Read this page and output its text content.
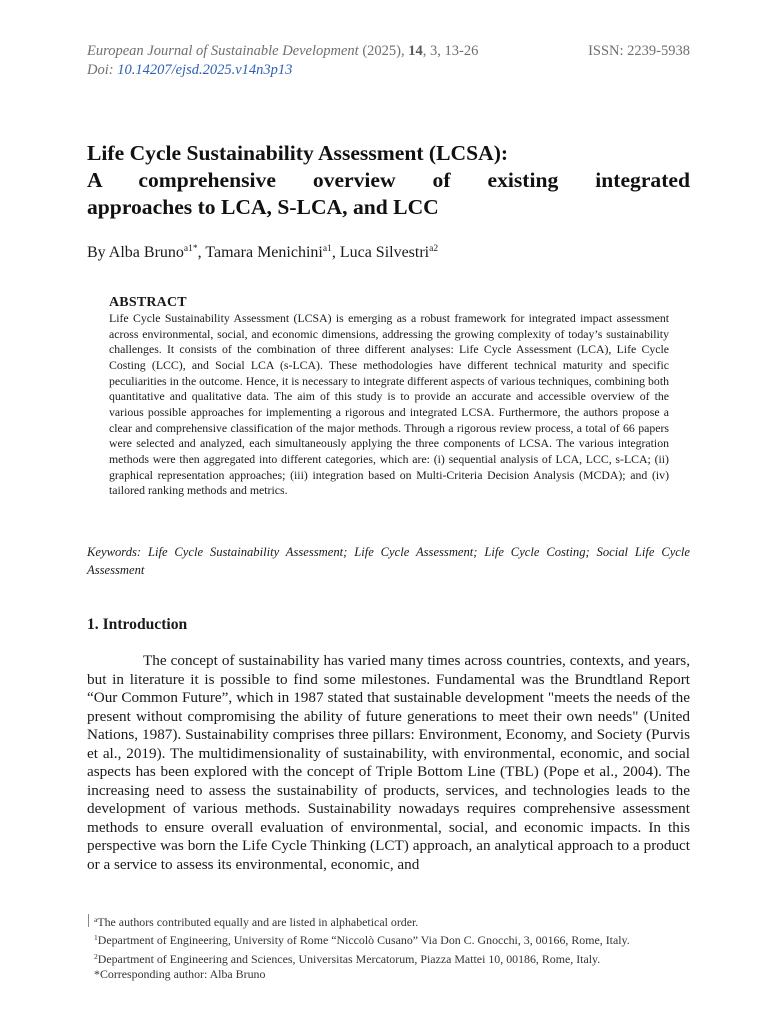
European Journal of Sustainable Development (2025), 14, 3, 13-26	ISSN: 2239-5938
Doi: 10.14207/ejsd.2025.v14n3p13
Life Cycle Sustainability Assessment (LCSA):
A comprehensive overview of existing integrated
approaches to LCA, S-LCA, and LCC
By Alba Bruno$^{a1*}$, Tamara Menichini$^{a1}$, Luca Silvestri$^{a2}$
ABSTRACT

Life Cycle Sustainability Assessment (LCSA) is emerging as a robust framework for integrated impact assessment across environmental, social, and economic dimensions, addressing the growing complexity of today’s sustainability challenges. It consists of the combination of three different analyses: Life Cycle Assessment (LCA), Life Cycle Costing (LCC), and Social LCA (s-LCA). These methodologies have different technical maturity and specific peculiarities in the outcome. Hence, it is necessary to integrate different aspects of various techniques, combining both quantitative and qualitative data. The aim of this study is to provide an accurate and accessible overview of the various possible approaches for implementing a rigorous and integrated LCSA. Furthermore, the authors propose a clear and comprehensive classification of the major methods. Through a rigorous review process, a total of 66 papers were selected and analyzed, each simultaneously applying the three components of LCSA. The various integration methods were then aggregated into different categories, which are: (i) sequential analysis of LCA, LCC, s-LCA; (ii) graphical representation approaches; (iii) integration based on Multi-Criteria Decision Analysis (MCDA); and (iv) tailored ranking methods and metrics.

Keywords: Life Cycle Sustainability Assessment; Life Cycle Assessment; Life Cycle Costing; Social Life Cycle Assessment
1. Introduction

The concept of sustainability has varied many times across countries, contexts, and years, but in literature it is possible to find some milestones. Fundamental was the Brundtland Report “Our Common Future”, which in 1987 stated that sustainable development "meets the needs of the present without compromising the ability of future generations to meet their own needs" (United Nations, 1987). Sustainability comprises three pillars: Environment, Economy, and Society (Purvis et al., 2019). The multidimensionality of sustainability, with environmental, economic, and social aspects has been explored with the concept of Triple Bottom Line (TBL) (Pope et al., 2004). The increasing need to assess the sustainability of products, services, and technologies leads to the development of various methods. Sustainability nowadays requires comprehensive assessment methods to ensure overall evaluation of environmental, social, and economic impacts. In this perspective was born the Life Cycle Thinking (LCT) approach, an analytical approach to a product or a service to assess its environmental, economic, and

$^a$The authors contributed equally and are listed in alphabetical order.
$^1$Department of Engineering, University of Rome “Niccolò Cusano” Via Don C. Gnocchi, 3, 00166, Rome, Italy.
$^2$Department of Engineering and Sciences, Universitas Mercatorum, Piazza Mattei 10, 00186, Rome, Italy.
*Corresponding author: Alba Bruno
